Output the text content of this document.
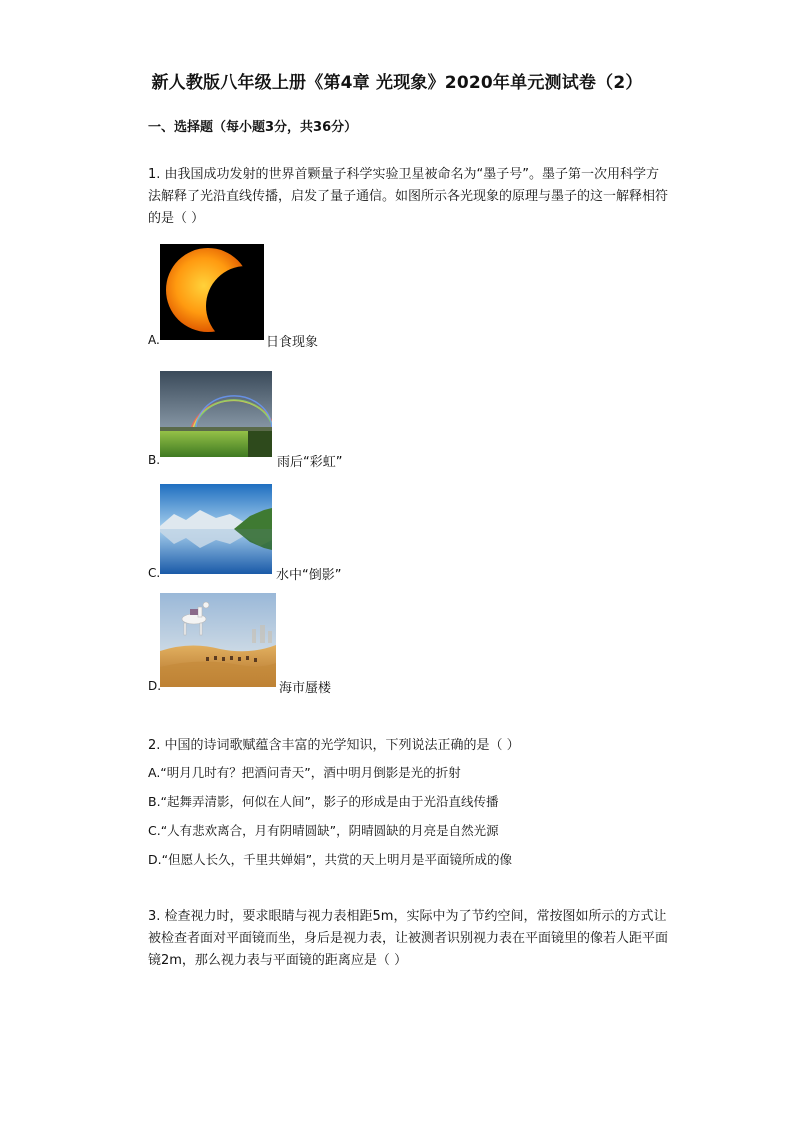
新人教版八年级上册《第4章 光现象》2020年单元测试卷（2）
一、选择题（每小题3分，共36分）
1. 由我国成功发射的世界首颗量子科学实验卫星被命名为“墨子号”。墨子第一次用科学方法解释了光沿直线传播，启发了量子通信。如图所示各光现象的原理与墨子的这一解释相符的是（ ）
A.	日食现象
B.	雨后“彩虹”
C.	水中“倒影”
D.	海市蜃楼
2. 中国的诗词歌赋蕴含丰富的光学知识，下列说法正确的是（ ）
A.“明月几时有？把酒问青天”，酒中明月倒影是光的折射
B.“起舞弄清影，何似在人间”，影子的形成是由于光沿直线传播
C.“人有悲欢离合，月有阴晴圆缺”，阴晴圆缺的月亮是自然光源
D.“但愿人长久，千里共婵娟”，共赏的天上明月是平面镜所成的像
3. 检查视力时，要求眼睛与视力表相距5m，实际中为了节约空间，常按图如所示的方式让被检查者面对平面镜而坐，身后是视力表，让被测者识别视力表在平面镜里的像若人距平面镜2m，那么视力表与平面镜的距离应是（ ）
